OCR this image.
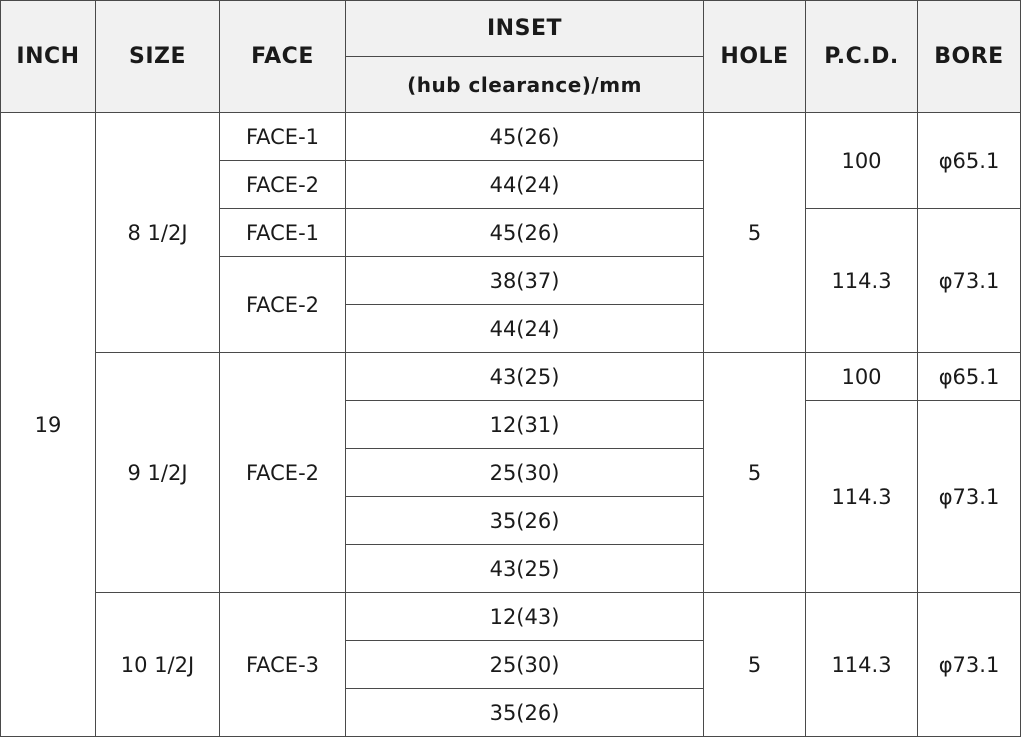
INCH	SIZE	FACE	INSET	HOLE	P.C.D.	BORE
			(hub clearance)/mm			
19	8 1/2J	FACE-1	45(26)	5	100	φ65.1
		FACE-2	44(24)			
		FACE-1	45(26)		114.3	φ73.1
		FACE-2	38(37)			
			44(24)			
	9 1/2J	FACE-2	43(25)	5	100	φ65.1
			12(31)		114.3	φ73.1
			25(30)			
			35(26)			
			43(25)			
	10 1/2J	FACE-3	12(43)	5	114.3	φ73.1
			25(30)			
			35(26)			
